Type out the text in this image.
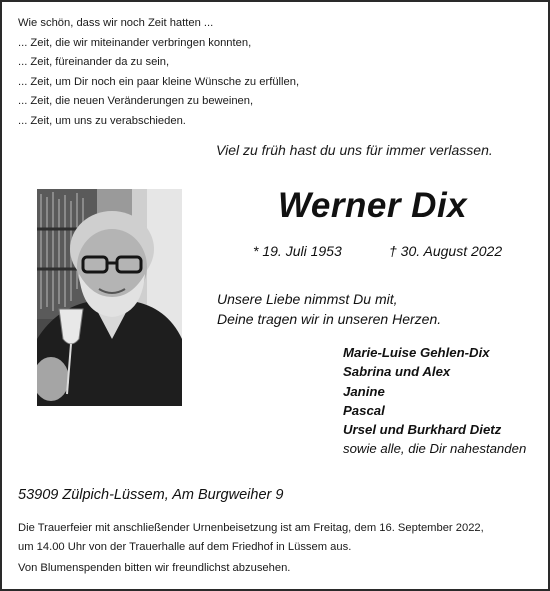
Wie schön, dass wir noch Zeit hatten ...
... Zeit, die wir miteinander verbringen konnten,
... Zeit, füreinander da zu sein,
... Zeit, um Dir noch ein paar kleine Wünsche zu erfüllen,
... Zeit, die neuen Veränderungen zu beweinen,
... Zeit, um uns zu verabschieden.
Viel zu früh hast du uns für immer verlassen.
Werner Dix
* 19. Juli 1953	† 30. August 2022
Unsere Liebe nimmst Du mit,
Deine tragen wir in unseren Herzen.
Marie-Luise Gehlen-Dix
Sabrina und Alex
Janine
Pascal
Ursel und Burkhard Dietz
sowie alle, die Dir nahestanden
53909 Zülpich-Lüssem, Am Burgweiher 9
Die Trauerfeier mit anschließender Urnenbeisetzung ist am Freitag, dem 16. September 2022,
um 14.00 Uhr von der Trauerhalle auf dem Friedhof in Lüssem aus.
Von Blumenspenden bitten wir freundlichst abzusehen.
